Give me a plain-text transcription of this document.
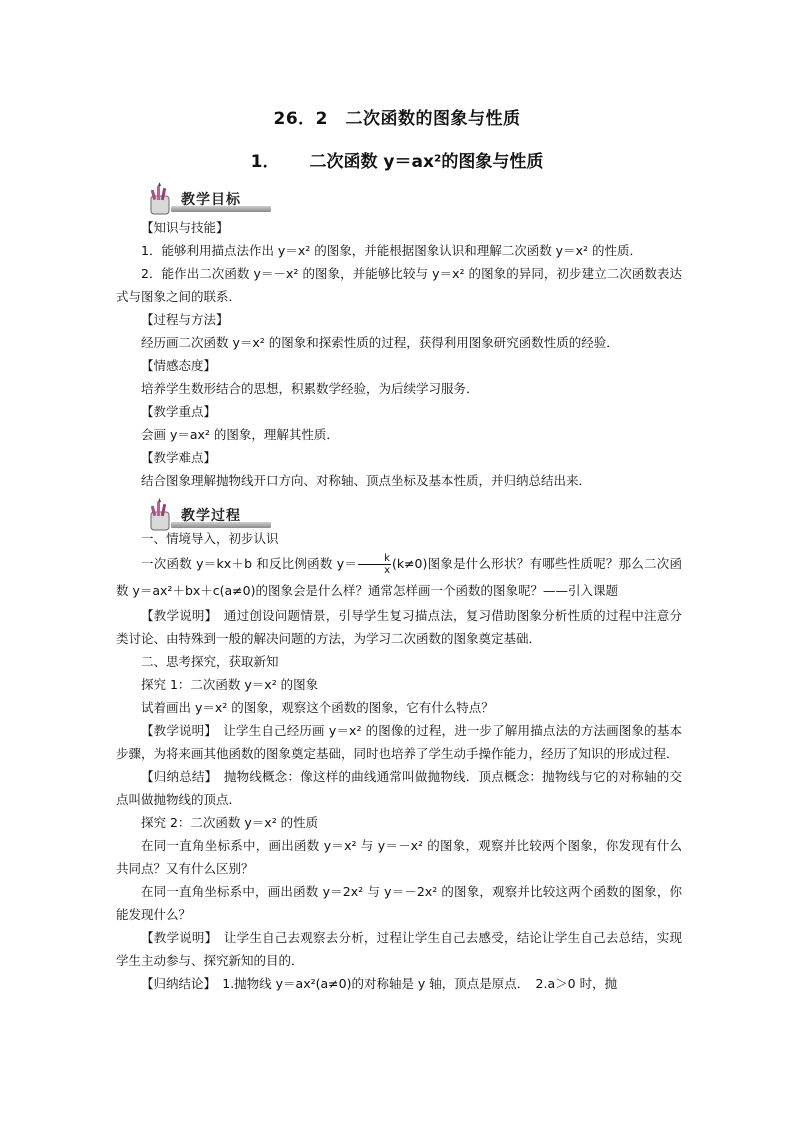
26．2　二次函数的图象与性质
1． 二次函数 y＝ax²的图象与性质
教学目标
教学过程

【知识与技能】

1．能够利用描点法作出 y＝x² 的图象，并能根据图象认识和理解二次函数 y＝x² 的性质．

2．能作出二次函数 y＝－x² 的图象，并能够比较与 y＝x² 的图象的异同，初步建立二次函数表达式与图象之间的联系．

【过程与方法】

经历画二次函数 y＝x² 的图象和探索性质的过程，获得利用图象研究函数性质的经验．

【情感态度】

培养学生数形结合的思想，积累数学经验，为后续学习服务．

【教学重点】

会画 y＝ax² 的图象，理解其性质．

【教学难点】

结合图象理解抛物线开口方向、对称轴、顶点坐标及基本性质，并归纳总结出来．

一、情境导入，初步认识

一次函数 y＝kx＋b 和反比例函数 $y= \frac{k}{x} (k\ne 0)$图象是什么形状？有哪些性质呢？那么二次函数 y＝ax²＋bx＋c(a≠0)的图象会是什么样？通常怎样画一个函数的图象呢？——引入课题

【教学说明】　通过创设问题情景，引导学生复习描点法，复习借助图象分析性质的过程中注意分类讨论、由特殊到一般的解决问题的方法，为学习二次函数的图象奠定基础．

二、思考探究，获取新知

探究 1：二次函数 y＝x² 的图象

试着画出 y＝x² 的图象，观察这个函数的图象，它有什么特点？

【教学说明】　让学生自己经历画 y＝x² 的图像的过程，进一步了解用描点法的方法画图象的基本步骤，为将来画其他函数的图象奠定基础，同时也培养了学生动手操作能力，经历了知识的形成过程．

【归纳总结】　抛物线概念：像这样的曲线通常叫做抛物线．顶点概念：抛物线与它的对称轴的交点叫做抛物线的顶点．

探究 2：二次函数 y＝x² 的性质

在同一直角坐标系中，画出函数 y＝x² 与 y＝－x² 的图象，观察并比较两个图象，你发现有什么共同点？又有什么区别？

在同一直角坐标系中，画出函数 y＝2x² 与 y＝－2x² 的图象，观察并比较这两个函数的图象，你能发现什么？

【教学说明】　让学生自己去观察去分析，过程让学生自己去感受，结论让学生自己去总结，实现学生主动参与、探究新知的目的．

【归纳结论】　1.抛物线 y＝ax²(a≠0)的对称轴是 y 轴，顶点是原点．　2.a＞0 时，抛
